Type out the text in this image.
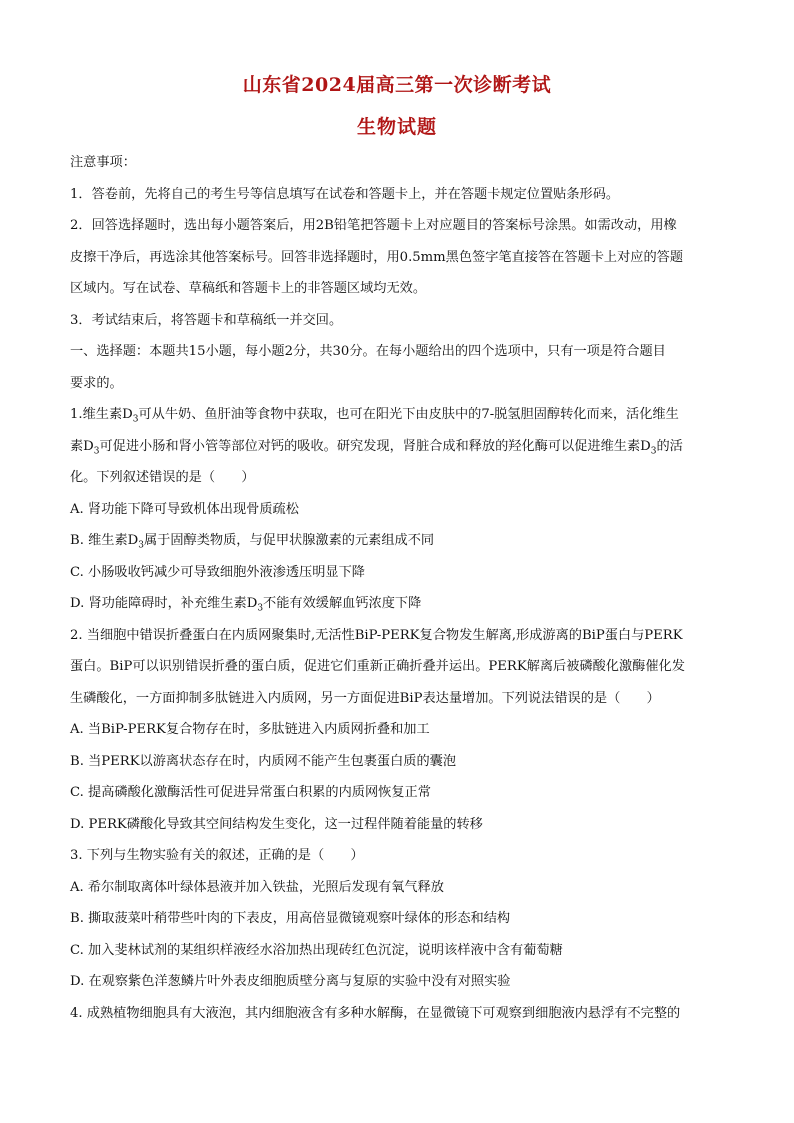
山东省2024届高三第一次诊断考试
生物试题
注意事项：
1．答卷前，先将自己的考生号等信息填写在试卷和答题卡上，并在答题卡规定位置贴条形码。
2．回答选择题时，选出每小题答案后，用2B铅笔把答题卡上对应题目的答案标号涂黑。如需改动，用橡
皮擦干净后，再选涂其他答案标号。回答非选择题时，用0.5mm黑色签字笔直接答在答题卡上对应的答题
区域内。写在试卷、草稿纸和答题卡上的非答题区域均无效。
3．考试结束后，将答题卡和草稿纸一并交回。
一、选择题：本题共15小题，每小题2分，共30分。在每小题给出的四个选项中，只有一项是符合题目
要求的。
1.维生素$D_3$可从牛奶、鱼肝油等食物中获取，也可在阳光下由皮肤中的7-脱氢胆固醇转化而来，活化维生
素$D_3$可促进小肠和肾小管等部位对钙的吸收。研究发现，肾脏合成和释放的羟化酶可以促进维生素$D_3$的活
化。下列叙述错误的是（　　）
A. 肾功能下降可导致机体出现骨质疏松
B. 维生素$D_3$属于固醇类物质，与促甲状腺激素的元素组成不同
C. 小肠吸收钙减少可导致细胞外液渗透压明显下降
D. 肾功能障碍时，补充维生素$D_3$不能有效缓解血钙浓度下降
2. 当细胞中错误折叠蛋白在内质网聚集时,无活性BiP-PERK复合物发生解离,形成游离的BiP蛋白与PERK
蛋白。BiP可以识别错误折叠的蛋白质，促进它们重新正确折叠并运出。PERK解离后被磷酸化激酶催化发
生磷酸化，一方面抑制多肽链进入内质网，另一方面促进BiP表达量增加。下列说法错误的是（　　）
A. 当BiP-PERK复合物存在时，多肽链进入内质网折叠和加工
B. 当PERK以游离状态存在时，内质网不能产生包裹蛋白质的囊泡
C. 提高磷酸化激酶活性可促进异常蛋白积累的内质网恢复正常
D. PERK磷酸化导致其空间结构发生变化，这一过程伴随着能量的转移
3. 下列与生物实验有关的叙述，正确的是（　　）
A. 希尔制取离体叶绿体悬液并加入铁盐，光照后发现有氧气释放
B. 撕取菠菜叶稍带些叶肉的下表皮，用高倍显微镜观察叶绿体的形态和结构
C. 加入斐林试剂的某组织样液经水浴加热出现砖红色沉淀，说明该样液中含有葡萄糖
D. 在观察紫色洋葱鳞片叶外表皮细胞质壁分离与复原的实验中没有对照实验
4. 成熟植物细胞具有大液泡，其内细胞液含有多种水解酶，在显微镜下可观察到细胞液内悬浮有不完整的
